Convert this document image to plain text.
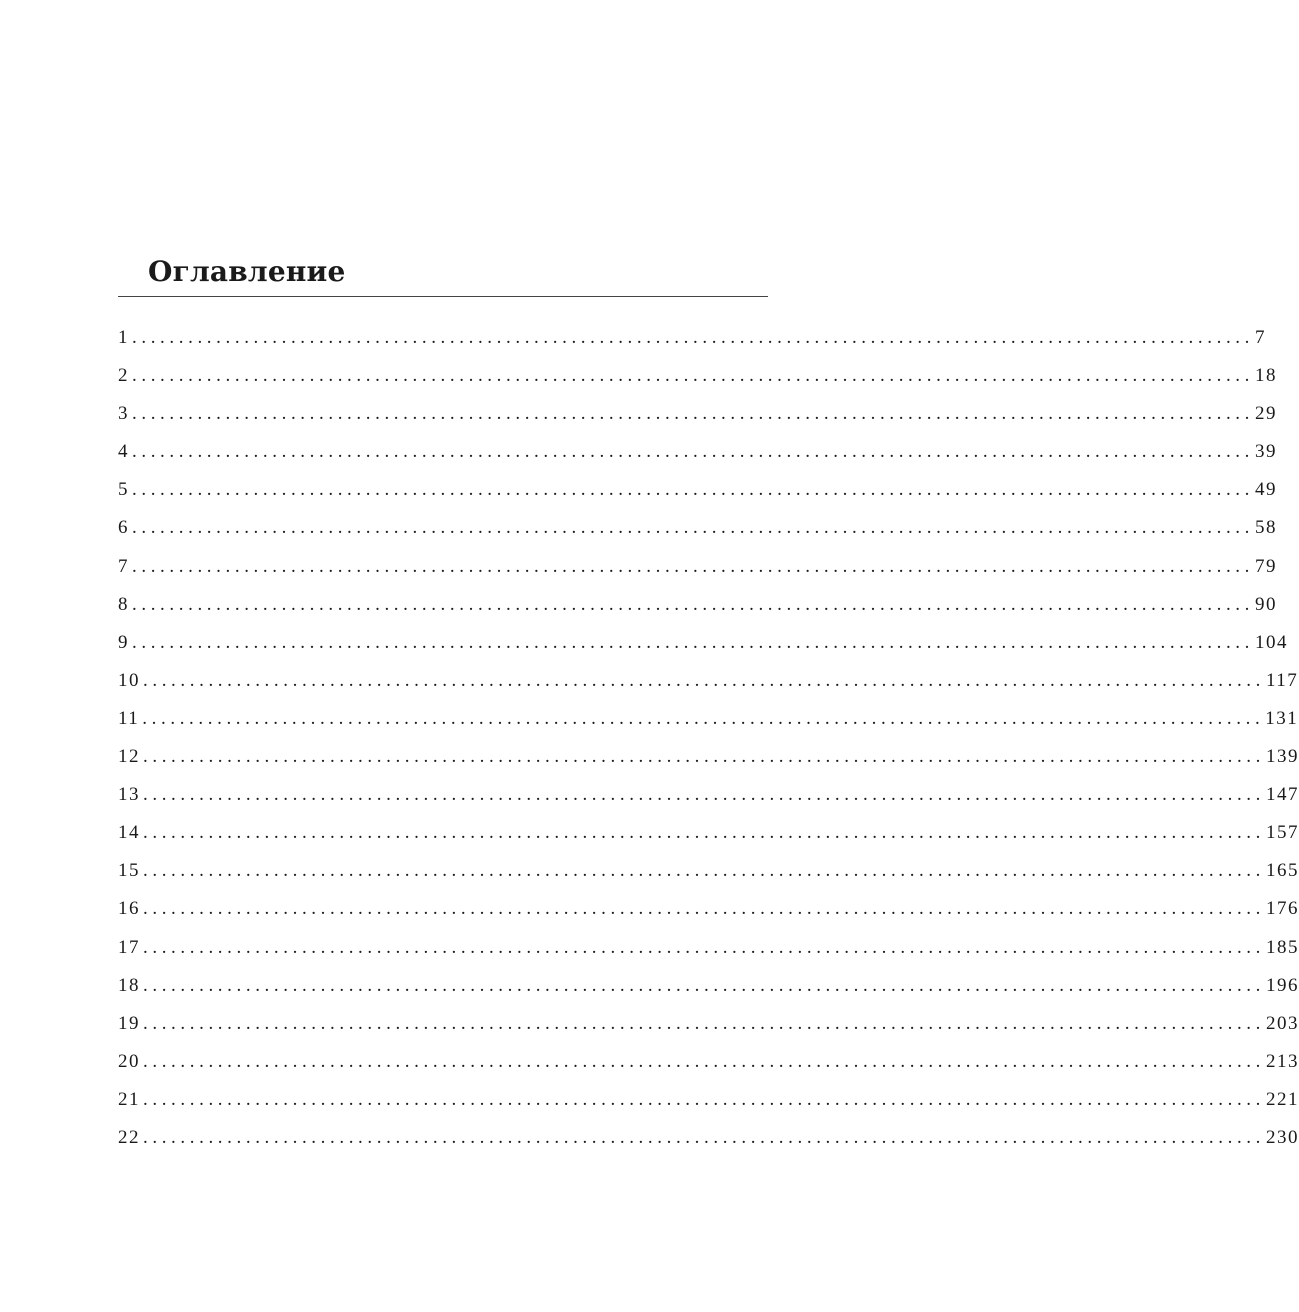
Оглавление
1 ........................................................................................................................ 7
2 ........................................................................................................................ 18
3 ........................................................................................................................ 29
4 ........................................................................................................................ 39
5 ........................................................................................................................ 49
6 ........................................................................................................................ 58
7 ........................................................................................................................ 79
8 ........................................................................................................................ 90
9 ........................................................................................................................ 104
10 ........................................................................................................................ 117
11 ........................................................................................................................ 131
12 ........................................................................................................................ 139
13 ........................................................................................................................ 147
14 ........................................................................................................................ 157
15 ........................................................................................................................ 165
16 ........................................................................................................................ 176
17 ........................................................................................................................ 185
18 ........................................................................................................................ 196
19 ........................................................................................................................ 203
20 ........................................................................................................................ 213
21 ........................................................................................................................ 221
22 ........................................................................................................................ 230
